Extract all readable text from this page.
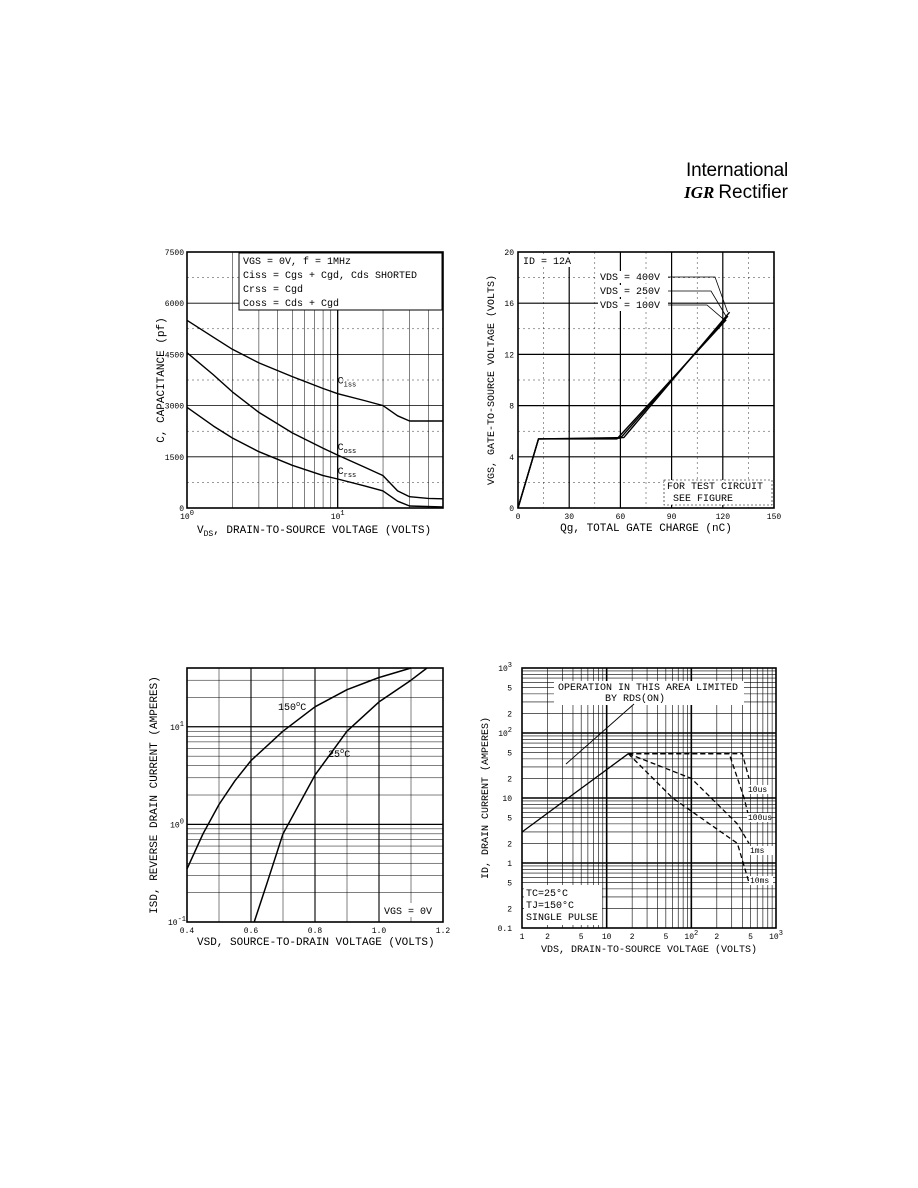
International
IGR Rectifier
100	101
0
1500
3000
4500
6000
7500
VGS = 0V, f = 1MHz
Ciss = Cgs + Cgd, Cds SHORTED
Crss = Cgd
Coss = Cds + Cgd
$C_{iss}$
$C_{oss}$
$C_{rss}$
$V_{DS}$, DRAIN-TO-SOURCE VOLTAGE (VOLTS)
C, CAPACITANCE (pf)
0	30	60	90	120	150
0
4
8
12
16
20
VDS = 400V
VDS = 250V
VDS = 100V
ID = 12A
FOR TEST CIRCUIT
SEE FIGURE
Qg, TOTAL GATE CHARGE (nC)
VGS, GATE-TO-SOURCE VOLTAGE (VOLTS)
0.4	0.6	0.8	1.0	1.2
10-1
100
101
150$^o$C
25$^o$C
VGS = 0V
VSD, SOURCE-TO-DRAIN VOLTAGE (VOLTS)
ISD, REVERSE DRAIN CURRENT (AMPERES)
1	2	5 10 2	5 102 2	5 103
0.1
2
5
1
2
5
10
2
5
102
2
5
103
10us
100us
1ms
10ms
OPERATION IN THIS AREA LIMITED
BY RDS(ON)
TC=25°C
TJ=150°C
SINGLE PULSE
VDS, DRAIN-TO-SOURCE VOLTAGE (VOLTS)
ID, DRAIN CURRENT (AMPERES)
